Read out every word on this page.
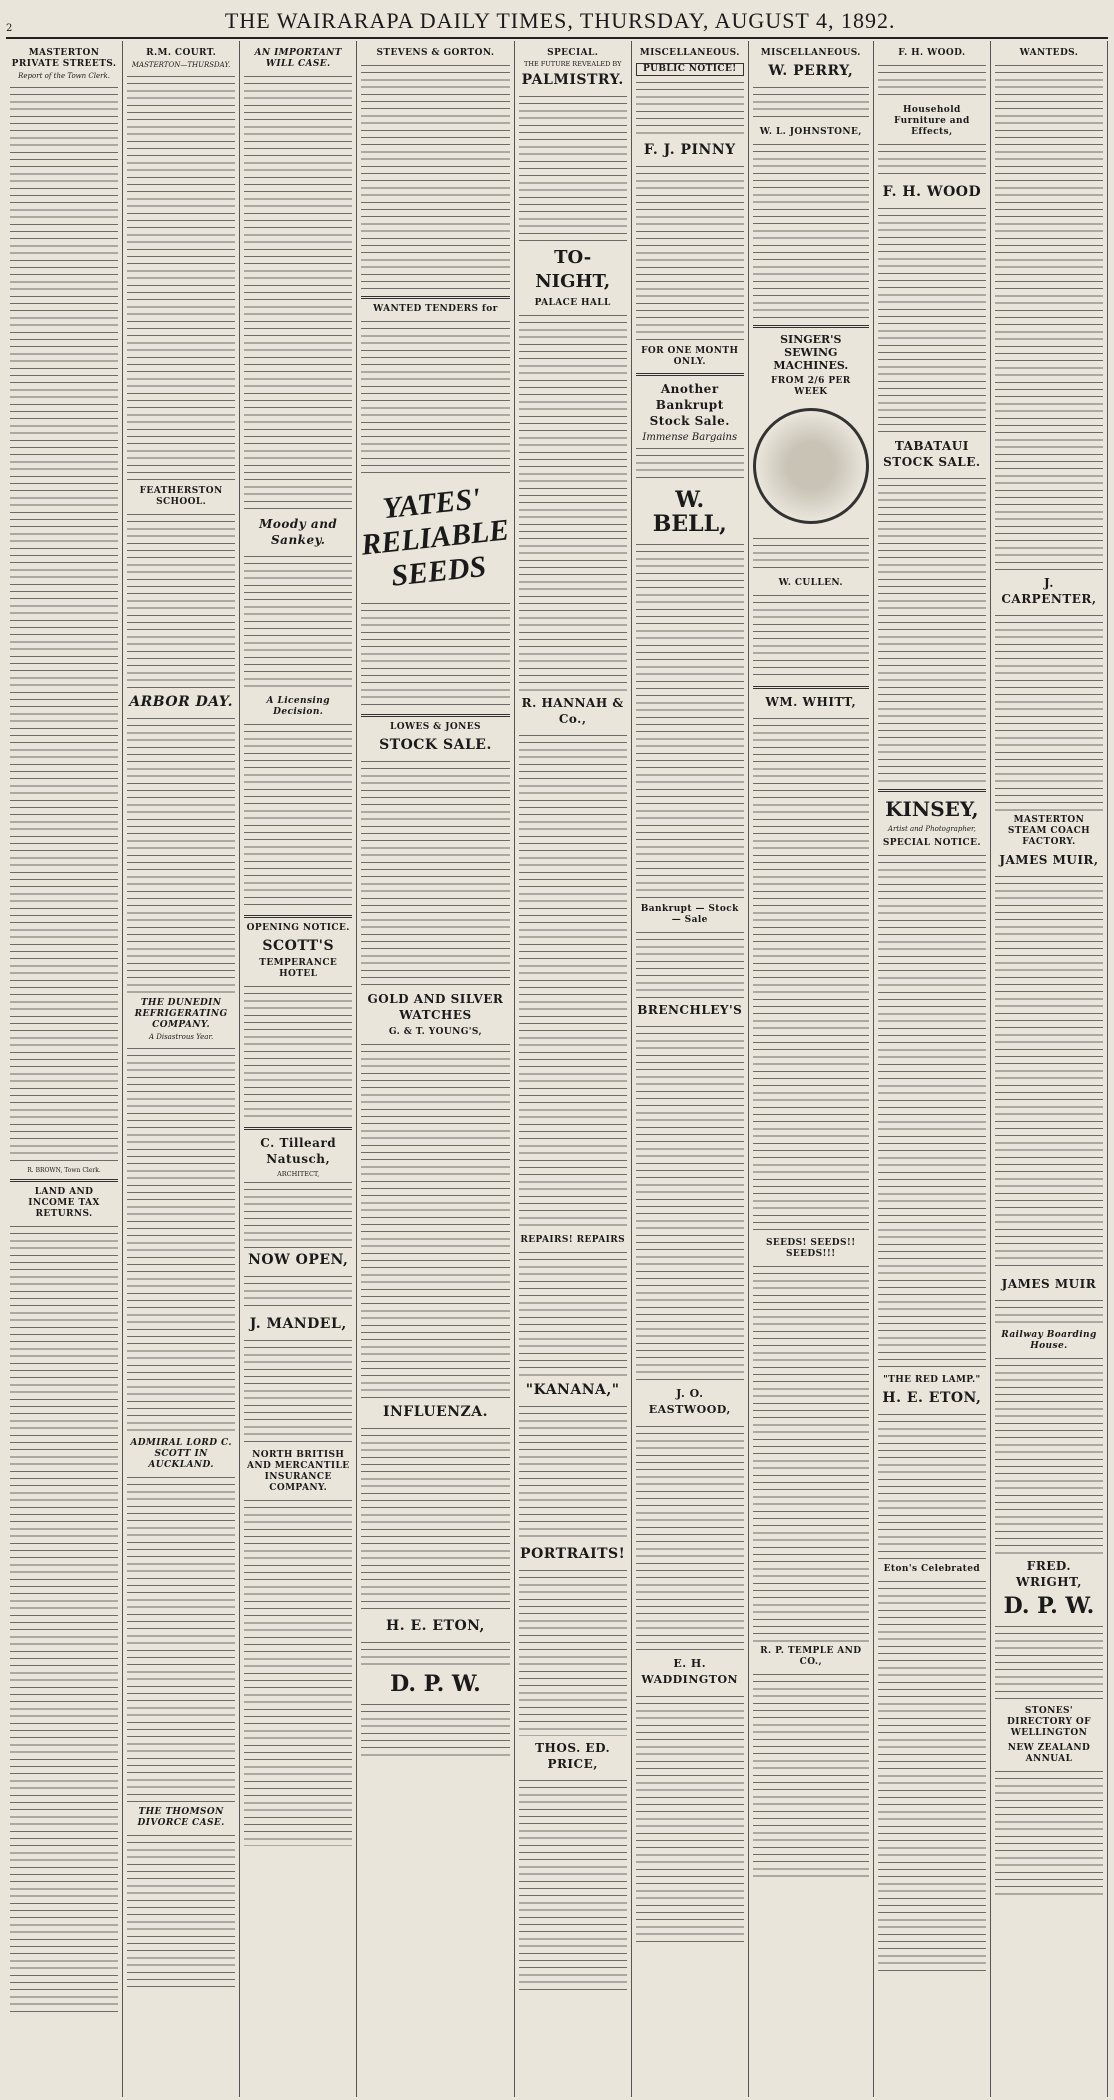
2	THE WAIRARAPA DAILY TIMES, THURSDAY, AUGUST 4, 1892.
MASTERTON PRIVATE STREETS.
Report of the Town Clerk.
R. BROWN, Town Clerk.
LAND AND INCOME TAX RETURNS.
R.M. COURT.
MASTERTON—THURSDAY.
FEATHERSTON SCHOOL.
ARBOR DAY.
THE DUNEDIN REFRIGERATING COMPANY.
A Disastrous Year.
ADMIRAL LORD C. SCOTT IN AUCKLAND.
THE THOMSON DIVORCE CASE.
AN IMPORTANT WILL CASE.
Moody and Sankey.
A Licensing Decision.
OPENING NOTICE.
SCOTT'S
TEMPERANCE HOTEL
C. Tilleard Natusch,
ARCHITECT,
NOW OPEN,
J. MANDEL,
NORTH BRITISH AND MERCANTILE INSURANCE COMPANY.
STEVENS & GORTON.
WANTED TENDERS for
YATES' RELIABLE SEEDS
LOWES & JONES
STOCK SALE.
GOLD AND SILVER WATCHES
G. & T. YOUNG'S,
INFLUENZA.
H. E. ETON,
D. P. W.
SPECIAL.
THE FUTURE REVEALED BY
PALMISTRY.
TO-NIGHT,
PALACE HALL
R. HANNAH & Co.,
REPAIRS! REPAIRS
"KANANA,"
PORTRAITS!
THOS. ED. PRICE,
MISCELLANEOUS.
PUBLIC NOTICE!
F. J. PINNY
FOR ONE MONTH ONLY.
Another Bankrupt Stock Sale.
Immense Bargains
W. BELL,
Bankrupt — Stock — Sale
BRENCHLEY'S
J. O. EASTWOOD,
E. H. WADDINGTON
MISCELLANEOUS.
W. PERRY,
W. L. JOHNSTONE,
SINGER'S SEWING MACHINES.
FROM 2/6 PER WEEK
W. CULLEN.
WM. WHITT,
SEEDS! SEEDS!! SEEDS!!!
R. P. TEMPLE AND CO.,
F. H. WOOD.
Household Furniture and Effects,
F. H. WOOD
TABATAUI STOCK SALE.
KINSEY,
Artist and Photographer,
SPECIAL NOTICE.
"THE RED LAMP."
H. E. ETON,
Eton's Celebrated
WANTEDS.
J. CARPENTER,
MASTERTON STEAM COACH FACTORY.
JAMES MUIR,
JAMES MUIR
Railway Boarding House.
FRED. WRIGHT,
D. P. W.
STONES' DIRECTORY OF WELLINGTON
NEW ZEALAND ANNUAL
